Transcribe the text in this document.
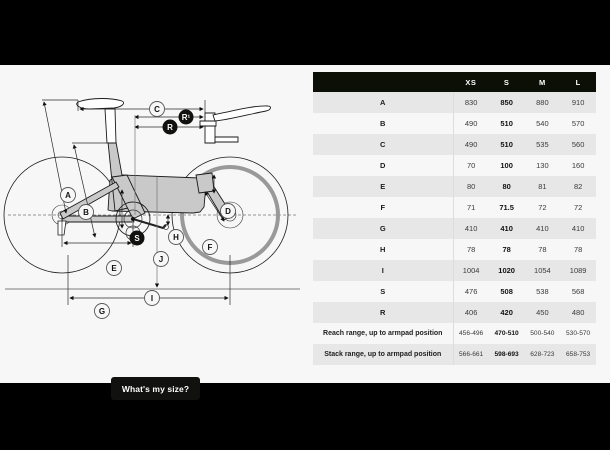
A
B
C
D
E
F
G
H
I
J
S
R
R¹
What's my size?
	XS	S	M	L
A	830	850	880	910
B	490	510	540	570
C	490	510	535	560
D	70	100	130	160
E	80	80	81	82
F	71	71.5	72	72
G	410	410	410	410
H	78	78	78	78
I	1004	1020	1054	1089
S	476	508	538	568
R	406	420	450	480
Reach range, up to armpad position	456-496	470-510	500-540	530-570
Stack range, up to armpad position	566-661	598-693	628-723	658-753
